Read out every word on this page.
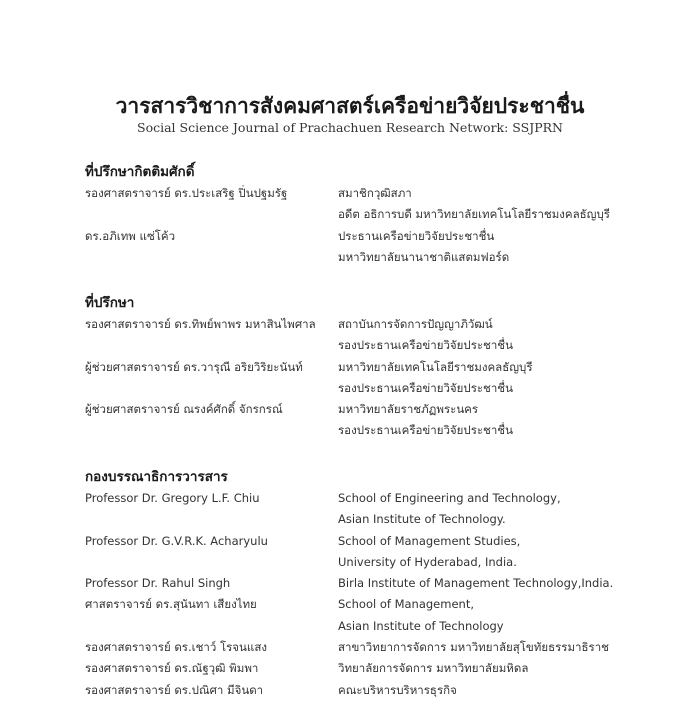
วารสารวิชาการสังคมศาสตร์เครือข่ายวิจัยประชาชื่น
Social Science Journal of Prachachuen Research Network: SSJPRN
ที่ปรึกษากิตติมศักดิ์
รองศาสตราจารย์ ดร.ประเสริฐ ปิ่นปฐมรัฐ	สมาชิกวุฒิสภา
อดีต อธิการบดี มหาวิทยาลัยเทคโนโลยีราชมงคลธัญบุรี
ดร.อภิเทพ แซ่โค้ว	ประธานเครือข่ายวิจัยประชาชื่น
มหาวิทยาลัยนานาชาติแสตมฟอร์ด
ที่ปรึกษา
รองศาสตราจารย์ ดร.ทิพย์พาพร มหาสินไพศาล	สถาบันการจัดการปัญญาภิวัฒน์
รองประธานเครือข่ายวิจัยประชาชื่น
ผู้ช่วยศาสตราจารย์ ดร.วารุณี อริยวิริยะนันท์	มหาวิทยาลัยเทคโนโลยีราชมงคลธัญบุรี
รองประธานเครือข่ายวิจัยประชาชื่น
ผู้ช่วยศาสตราจารย์ ณรงค์ศักดิ์ จักรกรณ์	มหาวิทยาลัยราชภัฏพระนคร
รองประธานเครือข่ายวิจัยประชาชื่น
กองบรรณาธิการวารสาร
Professor Dr. Gregory L.F. Chiu	School of Engineering and Technology,
Asian Institute of Technology.
Professor Dr. G.V.R.K. Acharyulu	School of Management Studies,
University of Hyderabad, India.
Professor Dr. Rahul Singh	Birla Institute of Management Technology,India.
ศาสตราจารย์ ดร.สุนันทา เสียงไทย	School of Management,
Asian Institute of Technology
รองศาสตราจารย์ ดร.เชาว์ โรจนแสง	สาขาวิทยาการจัดการ มหาวิทยาลัยสุโขทัยธรรมาธิราช
รองศาสตราจารย์ ดร.ณัฐวุฒิ พิมพา	วิทยาลัยการจัดการ มหาวิทยาลัยมหิดล
รองศาสตราจารย์ ดร.ปณิศา มีจินดา	คณะบริหารบริหารธุรกิจ
